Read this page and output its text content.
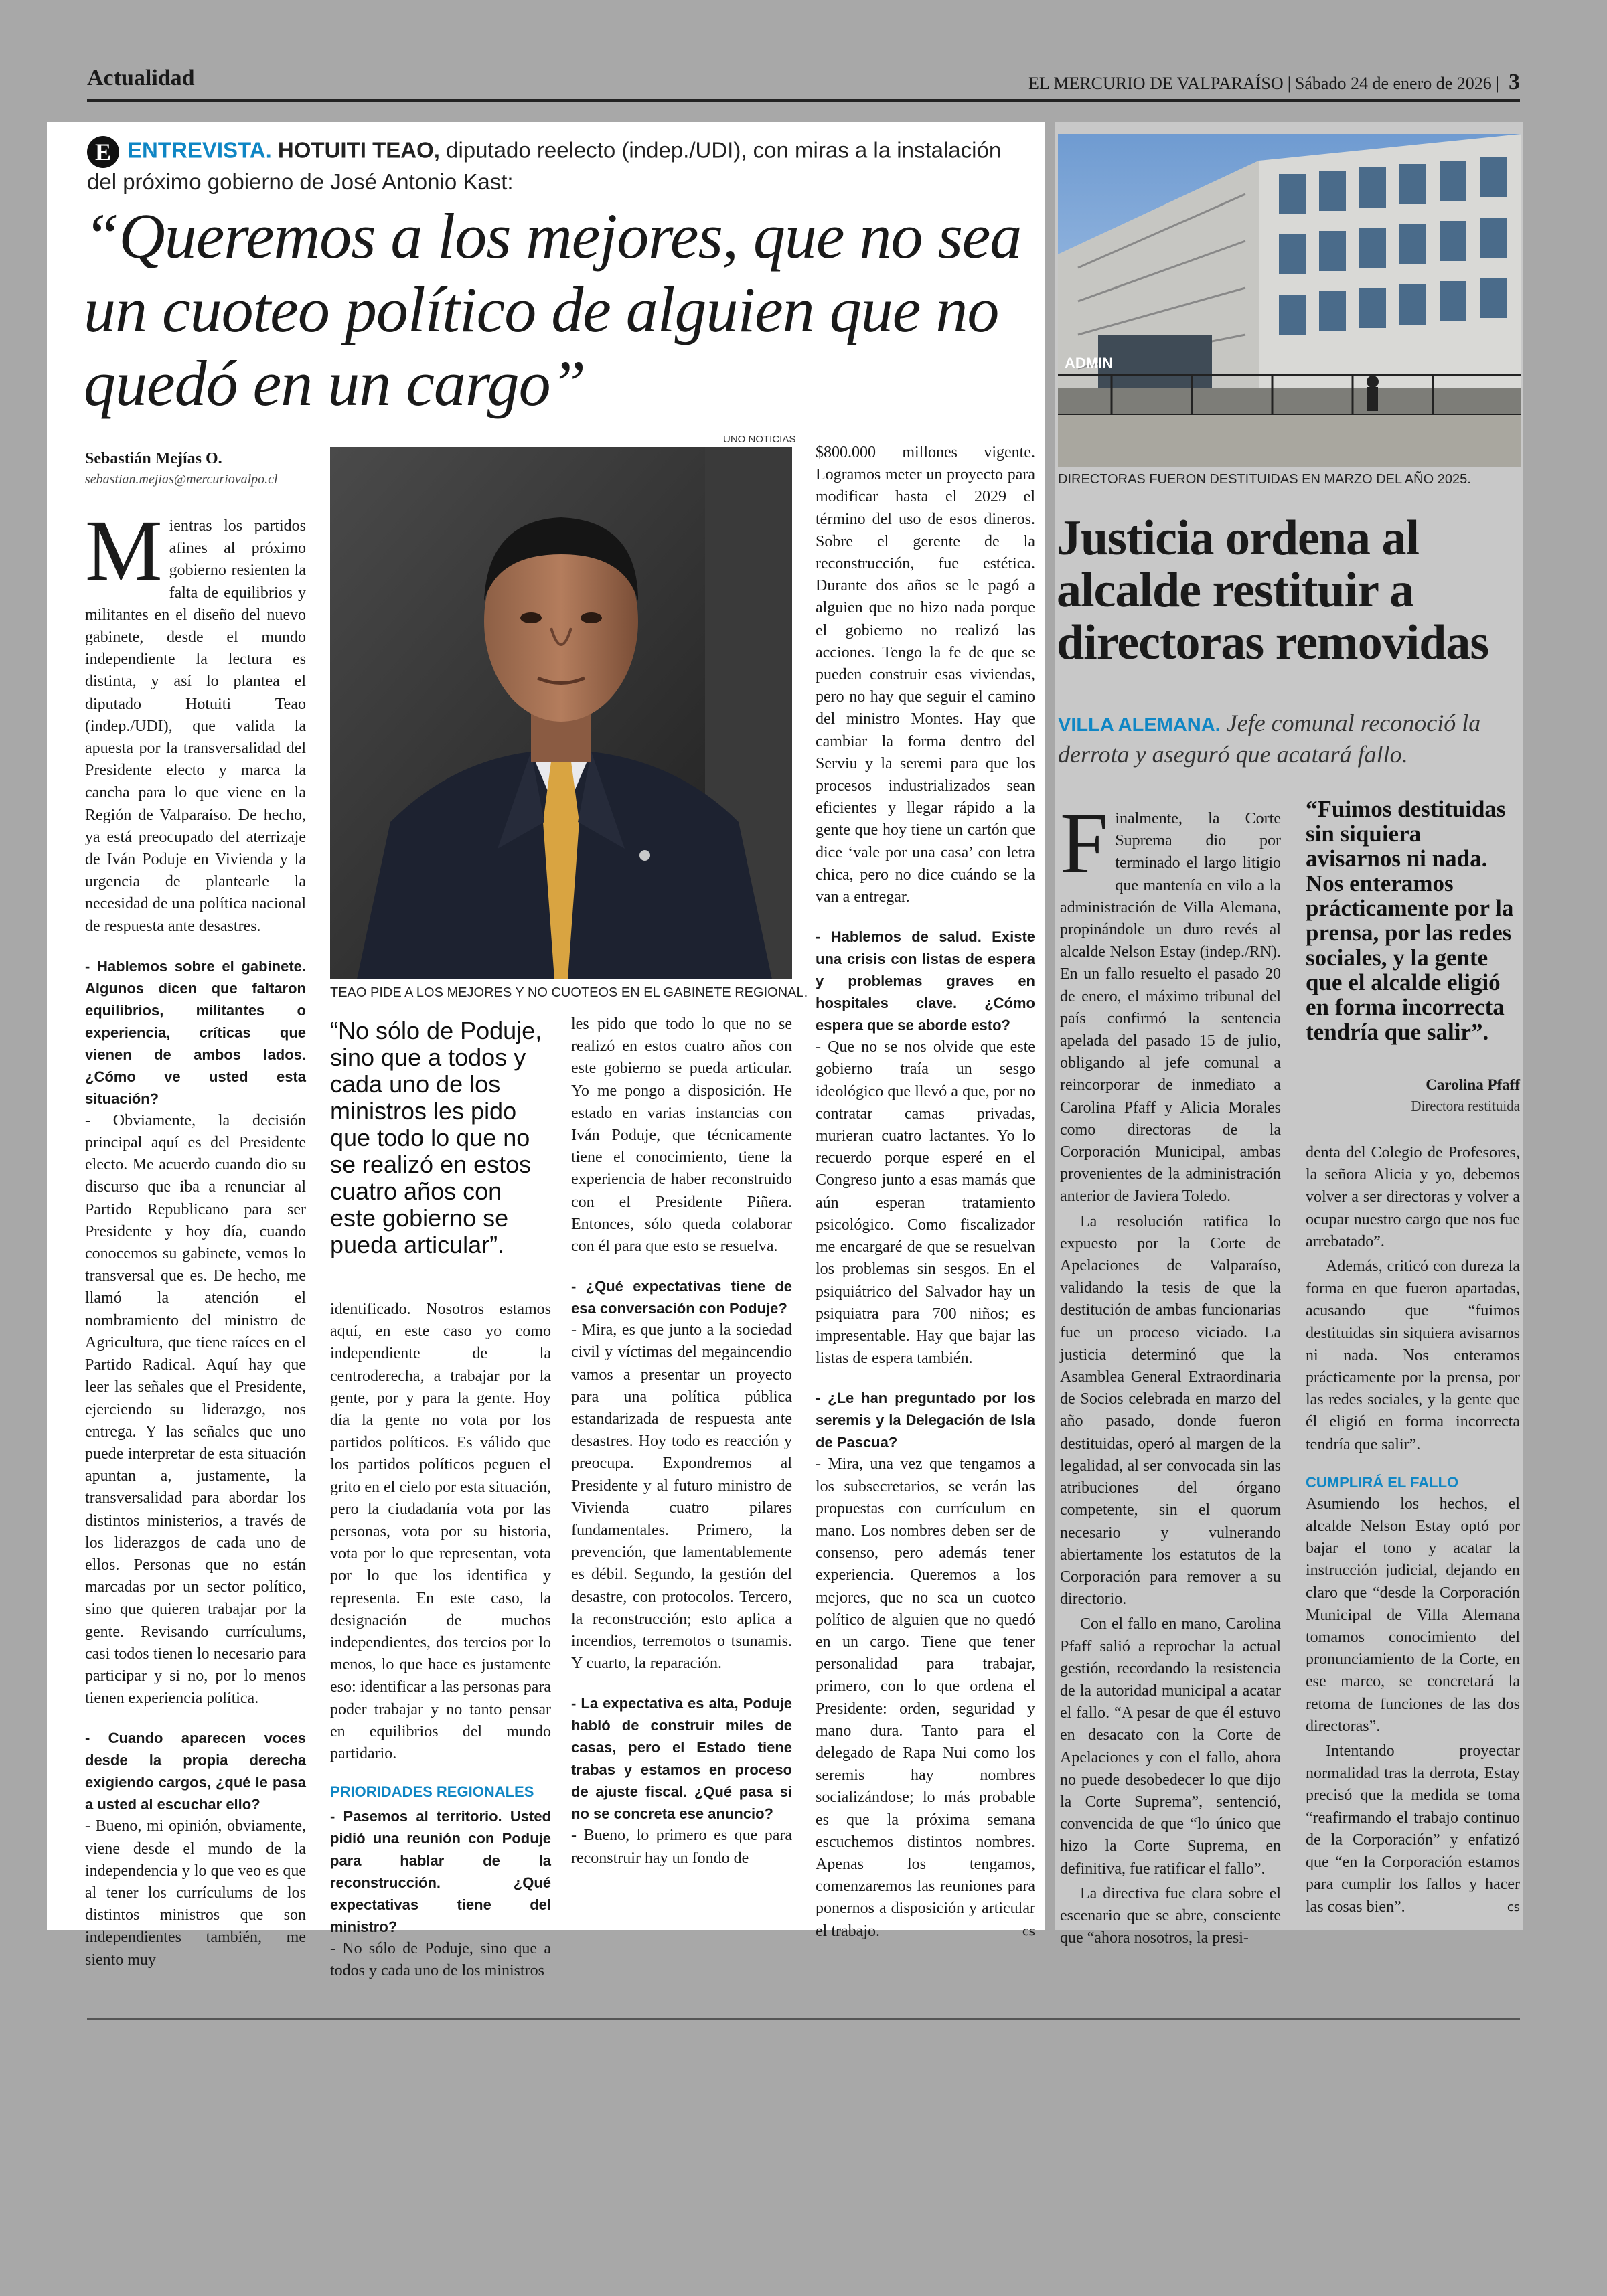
Actualidad	EL MERCURIO DE VALPARAÍSO | Sábado 24 de enero de 2026 | 3
E ENTREVISTA. HOTUITI TEAO, diputado reelecto (indep./UDI), con miras a la instalación del próximo gobierno de José Antonio Kast:
“Queremos a los mejores, que no sea un cuoteo político de alguien que no quedó en un cargo”
Sebastián Mejías O.
sebastian.mejias@mercuriovalpo.cl
UNO NOTICIAS
TEAO PIDE A LOS MEJORES Y NO CUOTEOS EN EL GABINETE REGIONAL.

Mientras los partidos afines al próximo gobierno resienten la falta de equilibrios y militantes en el diseño del nuevo gabinete, desde el mundo independiente la lectura es distinta, y así lo plantea el diputado Hotuiti Teao (indep./UDI), que valida la apuesta por la transversalidad del Presidente electo y marca la cancha para lo que viene en la Región de Valparaíso. De hecho, ya está preocupado del aterrizaje de Iván Poduje en Vivienda y la urgencia de plantearle la necesidad de una política nacional de respuesta ante desastres.

- Hablemos sobre el gabinete. Algunos dicen que faltaron equilibrios, militantes o experiencia, críticas que vienen de ambos lados. ¿Cómo ve usted esta situación?

- Obviamente, la decisión principal aquí es del Presidente electo. Me acuerdo cuando dio su discurso que iba a renunciar al Partido Republicano para ser Presidente y hoy día, cuando conocemos su gabinete, vemos lo transversal que es. De hecho, me llamó la atención el nombramiento del ministro de Agricultura, que tiene raíces en el Partido Radical. Aquí hay que leer las señales que el Presidente, ejerciendo su liderazgo, nos entrega. Y las señales que uno puede interpretar de esta situación apuntan a, justamente, la transversalidad para abordar los distintos ministerios, a través de los liderazgos de cada uno de ellos. Personas que no están marcadas por un sector político, sino que quieren trabajar por la gente. Revisando currículums, casi todos tienen lo necesario para participar y si no, por lo menos tienen experiencia política.

- Cuando aparecen voces desde la propia derecha exigiendo cargos, ¿qué le pasa a usted al escuchar ello?

- Bueno, mi opinión, obviamente, viene desde el mundo de la independencia y lo que veo es que al tener los currículums de los distintos ministros que son independientes también, me siento muy

“No sólo de Poduje, sino que a todos y cada uno de los ministros les pido que todo lo que no se realizó en estos cuatro años con este gobierno se pueda articular”.

identificado. Nosotros estamos aquí, en este caso yo como independiente de la centroderecha, a trabajar por la gente, por y para la gente. Hoy día la gente no vota por los partidos políticos. Es válido que los partidos políticos peguen el grito en el cielo por esta situación, pero la ciudadanía vota por las personas, vota por su historia, vota por lo que representan, vota por lo que los identifica y representa. En este caso, la designación de muchos independientes, dos tercios por lo menos, lo que hace es justamente eso: identificar a las personas para poder trabajar y no tanto pensar en equilibrios del mundo partidario.

PRIORIDADES REGIONALES

- Pasemos al territorio. Usted pidió una reunión con Poduje para hablar de la reconstrucción. ¿Qué expectativas tiene del ministro?

- No sólo de Poduje, sino que a todos y cada uno de los ministros

les pido que todo lo que no se realizó en estos cuatro años con este gobierno se pueda articular. Yo me pongo a disposición. He estado en varias instancias con Iván Poduje, que técnicamente tiene el conocimiento, tiene la experiencia de haber reconstruido con el Presidente Piñera. Entonces, sólo queda colaborar con él para que esto se resuelva.

- ¿Qué expectativas tiene de esa conversación con Poduje?

- Mira, es que junto a la sociedad civil y víctimas del megaincendio vamos a presentar un proyecto para una política pública estandarizada de respuesta ante desastres. Hoy todo es reacción y preocupa. Expondremos al Presidente y al futuro ministro de Vivienda cuatro pilares fundamentales. Primero, la prevención, que lamentablemente es débil. Segundo, la gestión del desastre, con protocolos. Tercero, la reconstrucción; esto aplica a incendios, terremotos o tsunamis. Y cuarto, la reparación.

- La expectativa es alta, Poduje habló de construir miles de casas, pero el Estado tiene trabas y estamos en proceso de ajuste fiscal. ¿Qué pasa si no se concreta ese anuncio?

- Bueno, lo primero es que para reconstruir hay un fondo de

$800.000 millones vigente. Logramos meter un proyecto para modificar hasta el 2029 el término del uso de esos dineros. Sobre el gerente de la reconstrucción, fue estética. Durante dos años se le pagó a alguien que no hizo nada porque el gobierno no realizó las acciones. Tengo la fe de que se pueden construir esas viviendas, pero no hay que seguir el camino del ministro Montes. Hay que cambiar la forma dentro del Serviu y la seremi para que los procesos industrializados sean eficientes y llegar rápido a la gente que hoy tiene un cartón que dice ‘vale por una casa’ con letra chica, pero no dice cuándo se la van a entregar.

- Hablemos de salud. Existe una crisis con listas de espera y problemas graves en hospitales clave. ¿Cómo espera que se aborde esto?

- Que no se nos olvide que este gobierno traía un sesgo ideológico que llevó a que, por no contratar camas privadas, murieran cuatro lactantes. Yo lo recuerdo porque esperé en el Congreso junto a esas mamás que aún esperan tratamiento psicológico. Como fiscalizador me encargaré de que se resuelvan los problemas sin sesgos. En el psiquiátrico del Salvador hay un psiquiatra para 700 niños; es impresentable. Hay que bajar las listas de espera también.

- ¿Le han preguntado por los seremis y la Delegación de Isla de Pascua?

- Mira, una vez que tengamos a los subsecretarios, se verán las propuestas con currículum en mano. Los nombres deben ser de consenso, pero además tener experiencia. Queremos a los mejores, que no sea un cuoteo político de alguien que no quedó en un cargo. Tiene que tener personalidad para trabajar, primero, con lo que ordena el Presidente: orden, seguridad y mano dura. Tanto para el delegado de Rapa Nui como los seremis hay nombres socializándose; lo más probable es que la próxima semana escuchemos distintos nombres. Apenas los tengamos, comenzaremos las reuniones para ponernos a disposición y articular el trabajo.	cs

ADMIN
DIRECTORAS FUERON DESTITUIDAS EN MARZO DEL AÑO 2025.
Justicia ordena al alcalde restituir a directoras removidas
VILLA ALEMANA. Jefe comunal reconoció la derrota y aseguró que acatará fallo.

Finalmente, la Corte Suprema dio por terminado el largo litigio que mantenía en vilo a la administración de Villa Alemana, propinándole un duro revés al alcalde Nelson Estay (indep./RN). En un fallo resuelto el pasado 20 de enero, el máximo tribunal del país confirmó la sentencia apelada del pasado 15 de julio, obligando al jefe comunal a reincorporar de inmediato a Carolina Pfaff y Alicia Morales como directoras de la Corporación Municipal, ambas provenientes de la administración anterior de Javiera Toledo.

La resolución ratifica lo expuesto por la Corte de Apelaciones de Valparaíso, validando la tesis de que la destitución de ambas funcionarias fue un proceso viciado. La justicia determinó que la Asamblea General Extraordinaria de Socios celebrada en marzo del año pasado, donde fueron destituidas, operó al margen de la legalidad, al ser convocada sin las atribuciones del órgano competente, sin el quorum necesario y vulnerando abiertamente los estatutos de la Corporación para remover a su directorio.

Con el fallo en mano, Carolina Pfaff salió a reprochar la actual gestión, recordando la resistencia de la autoridad municipal a acatar el fallo. “A pesar de que él estuvo en desacato con la Corte de Apelaciones y con el fallo, ahora no puede desobedecer lo que dijo la Corte Suprema”, sentenció, convencida de que “lo único que hizo la Corte Suprema, en definitiva, fue ratificar el fallo”.

La directiva fue clara sobre el escenario que se abre, consciente que “ahora nosotros, la presi-

“Fuimos destituidas sin siquiera avisarnos ni nada. Nos enteramos prácticamente por la prensa, por las redes sociales, y la gente que el alcalde eligió en forma incorrecta tendría que salir”.
Carolina Pfaff
Directora restituida

denta del Colegio de Profesores, la señora Alicia y yo, debemos volver a ser directoras y volver a ocupar nuestro cargo que nos fue arrebatado”.

Además, criticó con dureza la forma en que fueron apartadas, acusando que “fuimos destituidas sin siquiera avisarnos ni nada. Nos enteramos prácticamente por la prensa, por las redes sociales, y la gente que él eligió en forma incorrecta tendría que salir”.

CUMPLIRÁ EL FALLO

Asumiendo los hechos, el alcalde Nelson Estay optó por bajar el tono y acatar la instrucción judicial, dejando en claro que “desde la Corporación Municipal de Villa Alemana tomamos conocimiento del pronunciamiento de la Corte, en ese marco, se concretará la retoma de funciones de las dos directoras”.

Intentando proyectar normalidad tras la derrota, Estay precisó que la medida se toma “reafirmando el trabajo continuo de la Corporación” y enfatizó que “en la Corporación estamos para cumplir los fallos y hacer las cosas bien”.	cs
